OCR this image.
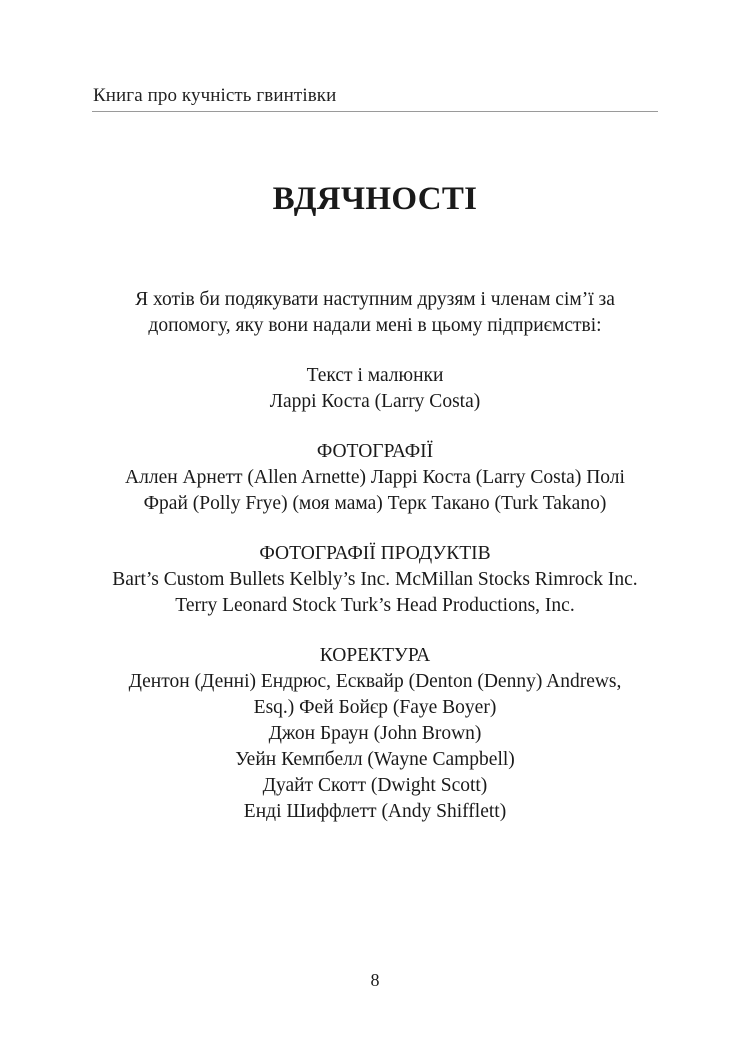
Книга про кучність гвинтівки

ВДЯЧНОСТІ

Я хотів би подякувати наступним друзям і членам сім’ї за

допомогу, яку вони надали мені в цьому підприємстві:

Текст і малюнки

Ларрі Коста (Larry Costa)

ФОТОГРАФІЇ

Аллен Арнетт (Allen Arnette) Ларрі Коста (Larry Costa) Полі

Фрай (Polly Frye) (моя мама) Терк Такано (Turk Takano)

ФОТОГРАФІЇ ПРОДУКТІВ

Bart’s Custom Bullets Kelbly’s Inc. McMillan Stocks Rimrock Inc.

Terry Leonard Stock Turk’s Head Productions, Inc.

КОРЕКТУРА

Дентон (Денні) Ендрюс, Есквайр (Denton (Denny) Andrews,

Esq.) Фей Бойєр (Faye Boyer)

Джон Браун (John Brown)

Уейн Кемпбелл (Wayne Campbell)

Дуайт Скотт (Dwight Scott)

Енді Шиффлетт (Andy Shifflett)

8
